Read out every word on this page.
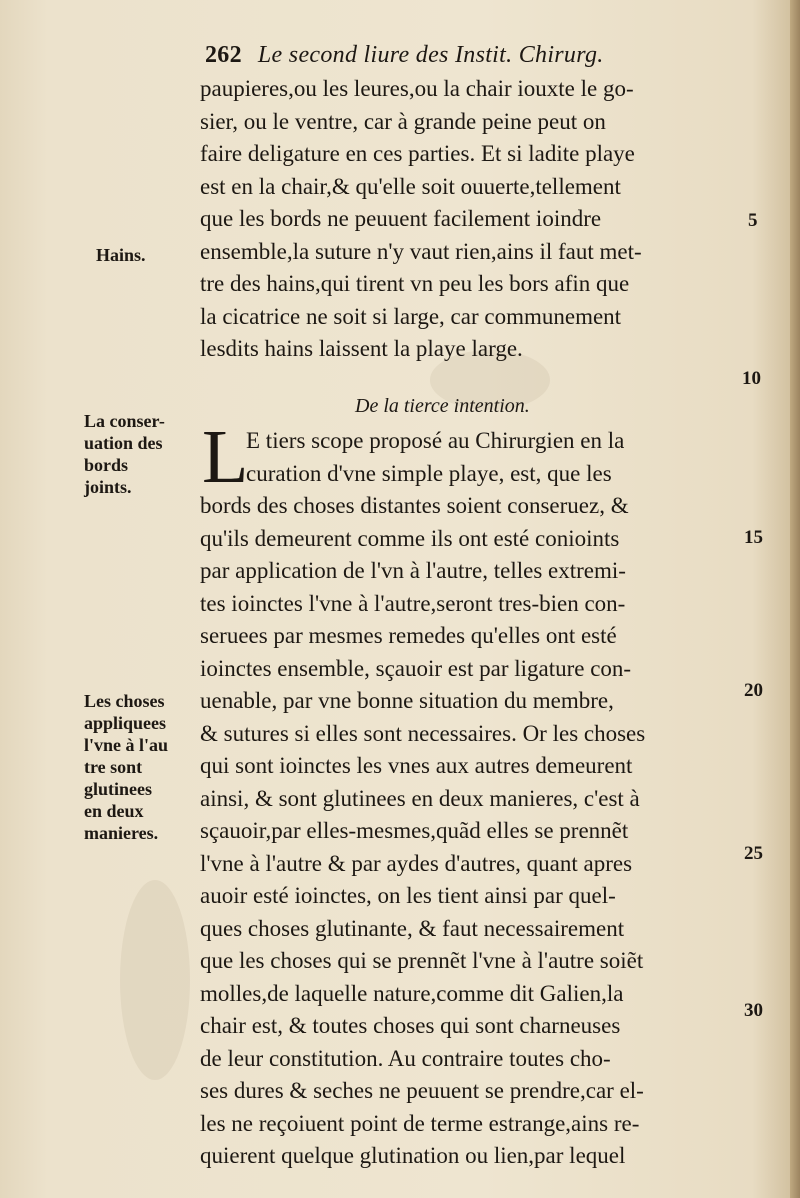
262 Le second liure des Instit. Chirurg.
paupieres,ou les leures,ou la chair iouxte le go-
sier, ou le ventre, car à grande peine peut on
faire deligature en ces parties. Et si ladite playe
est en la chair,& qu'elle soit ouuerte,tellement
que les bords ne peuuent facilement ioindre
ensemble,la suture n'y vaut rien,ains il faut met-
tre des hains,qui tirent vn peu les bors afin que
la cicatrice ne soit si large, car communement
lesdits hains laissent la playe large.
De la tierce intention.
L
E tiers scope proposé au Chirurgien en la
curation d'vne simple playe, est, que les
bords des choses distantes soient conseruez, &
qu'ils demeurent comme ils ont esté conioints
par application de l'vn à l'autre, telles extremi-
tes ioinctes l'vne à l'autre,seront tres-bien con-
seruees par mesmes remedes qu'elles ont esté
ioinctes ensemble, sçauoir est par ligature con-
uenable, par vne bonne situation du membre,
& sutures si elles sont necessaires. Or les choses
qui sont ioinctes les vnes aux autres demeurent
ainsi, & sont glutinees en deux manieres, c'est à
sçauoir,par elles-mesmes,quãd elles se prennẽt
l'vne à l'autre & par aydes d'autres, quant apres
auoir esté ioinctes, on les tient ainsi par quel-
ques choses glutinante, & faut necessairement
que les choses qui se prennẽt l'vne à l'autre soiẽt
molles,de laquelle nature,comme dit Galien,la
chair est, & toutes choses qui sont charneuses
de leur constitution. Au contraire toutes cho-
ses dures & seches ne peuuent se prendre,car el-
les ne reçoiuent point de terme estrange,ains re-
quierent quelque glutination ou lien,par lequel
Hains.
La conser-
uation des
bords
joints.
Les choses
appliquees
l'vne à l'au
tre sont
glutinees
en deux
manieres.
5
10
15
20
25
30
